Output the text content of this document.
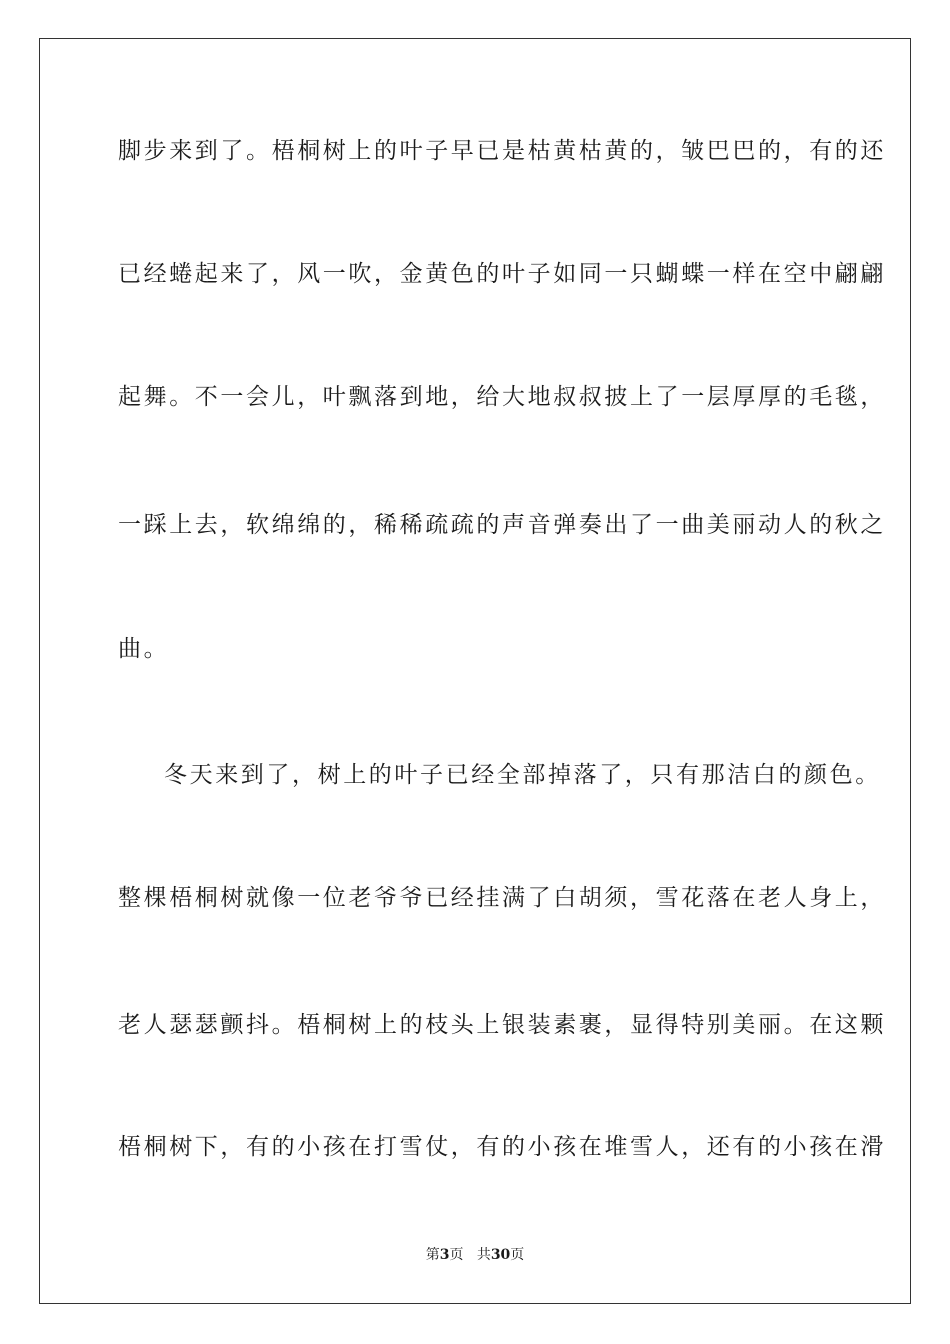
脚步来到了。梧桐树上的叶子早已是枯黄枯黄的，皱巴巴的，有的还
已经蜷起来了，风一吹，金黄色的叶子如同一只蝴蝶一样在空中翩翩
起舞。不一会儿，叶飘落到地，给大地叔叔披上了一层厚厚的毛毯，
一踩上去，软绵绵的，稀稀疏疏的声音弹奏出了一曲美丽动人的秋之
曲。
冬天来到了，树上的叶子已经全部掉落了，只有那洁白的颜色。
整棵梧桐树就像一位老爷爷已经挂满了白胡须，雪花落在老人身上，
老人瑟瑟颤抖。梧桐树上的枝头上银装素裹，显得特别美丽。在这颗
梧桐树下，有的小孩在打雪仗，有的小孩在堆雪人，还有的小孩在滑
第3页 共30页
